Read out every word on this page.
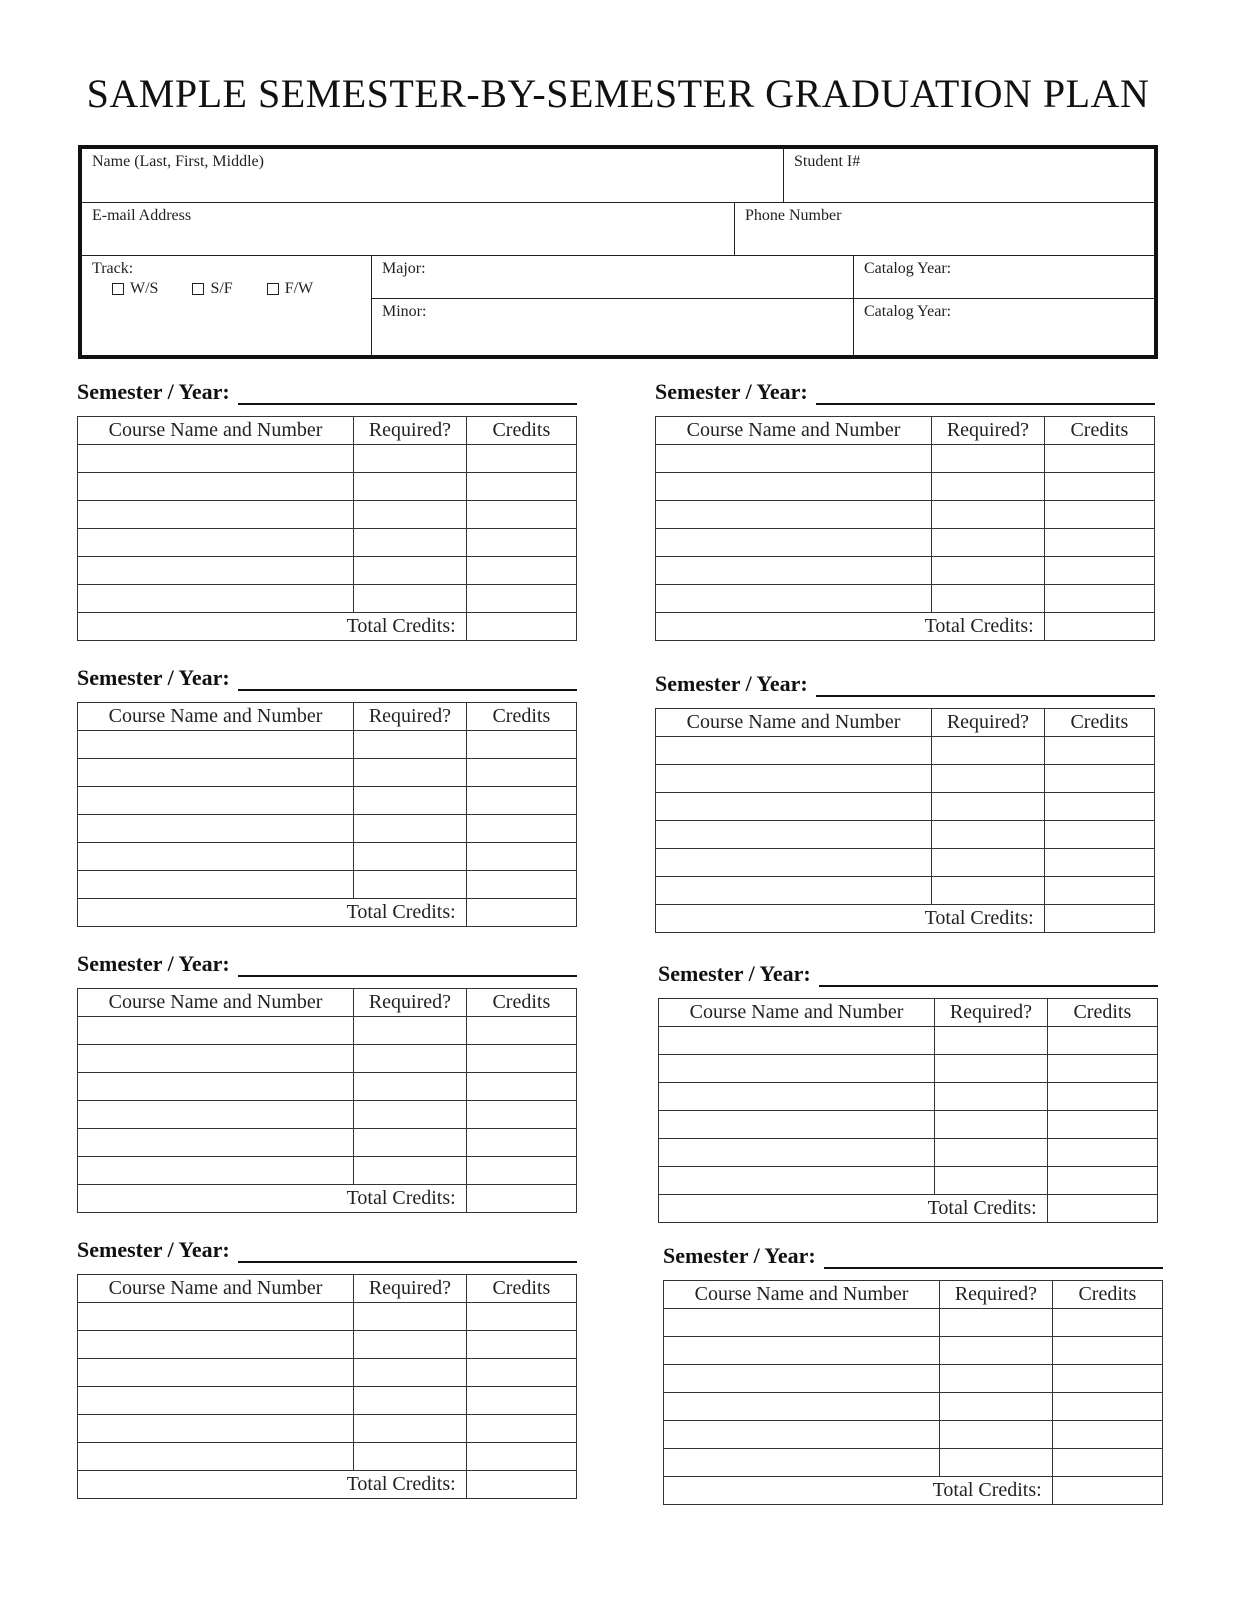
SAMPLE SEMESTER-BY-SEMESTER GRADUATION PLAN
Name (Last, First, Middle)	Student I#
E-mail Address	Phone Number
Track:
W/S	S/F	F/W
Major:	Catalog Year:
Minor:	Catalog Year:
Semester / Year:
Course Name and Number	Required?	Credits

Total Credits:		
Semester / Year:
Course Name and Number	Required?	Credits

Total Credits:		
Semester / Year:
Course Name and Number	Required?	Credits

Total Credits:		
Semester / Year:
Course Name and Number	Required?	Credits

Total Credits:		
Semester / Year:
Course Name and Number	Required?	Credits

Total Credits:		
Semester / Year:
Course Name and Number	Required?	Credits

Total Credits:		
Semester / Year:
Course Name and Number	Required?	Credits

Total Credits:		
Semester / Year:
Course Name and Number	Required?	Credits

Total Credits:		
